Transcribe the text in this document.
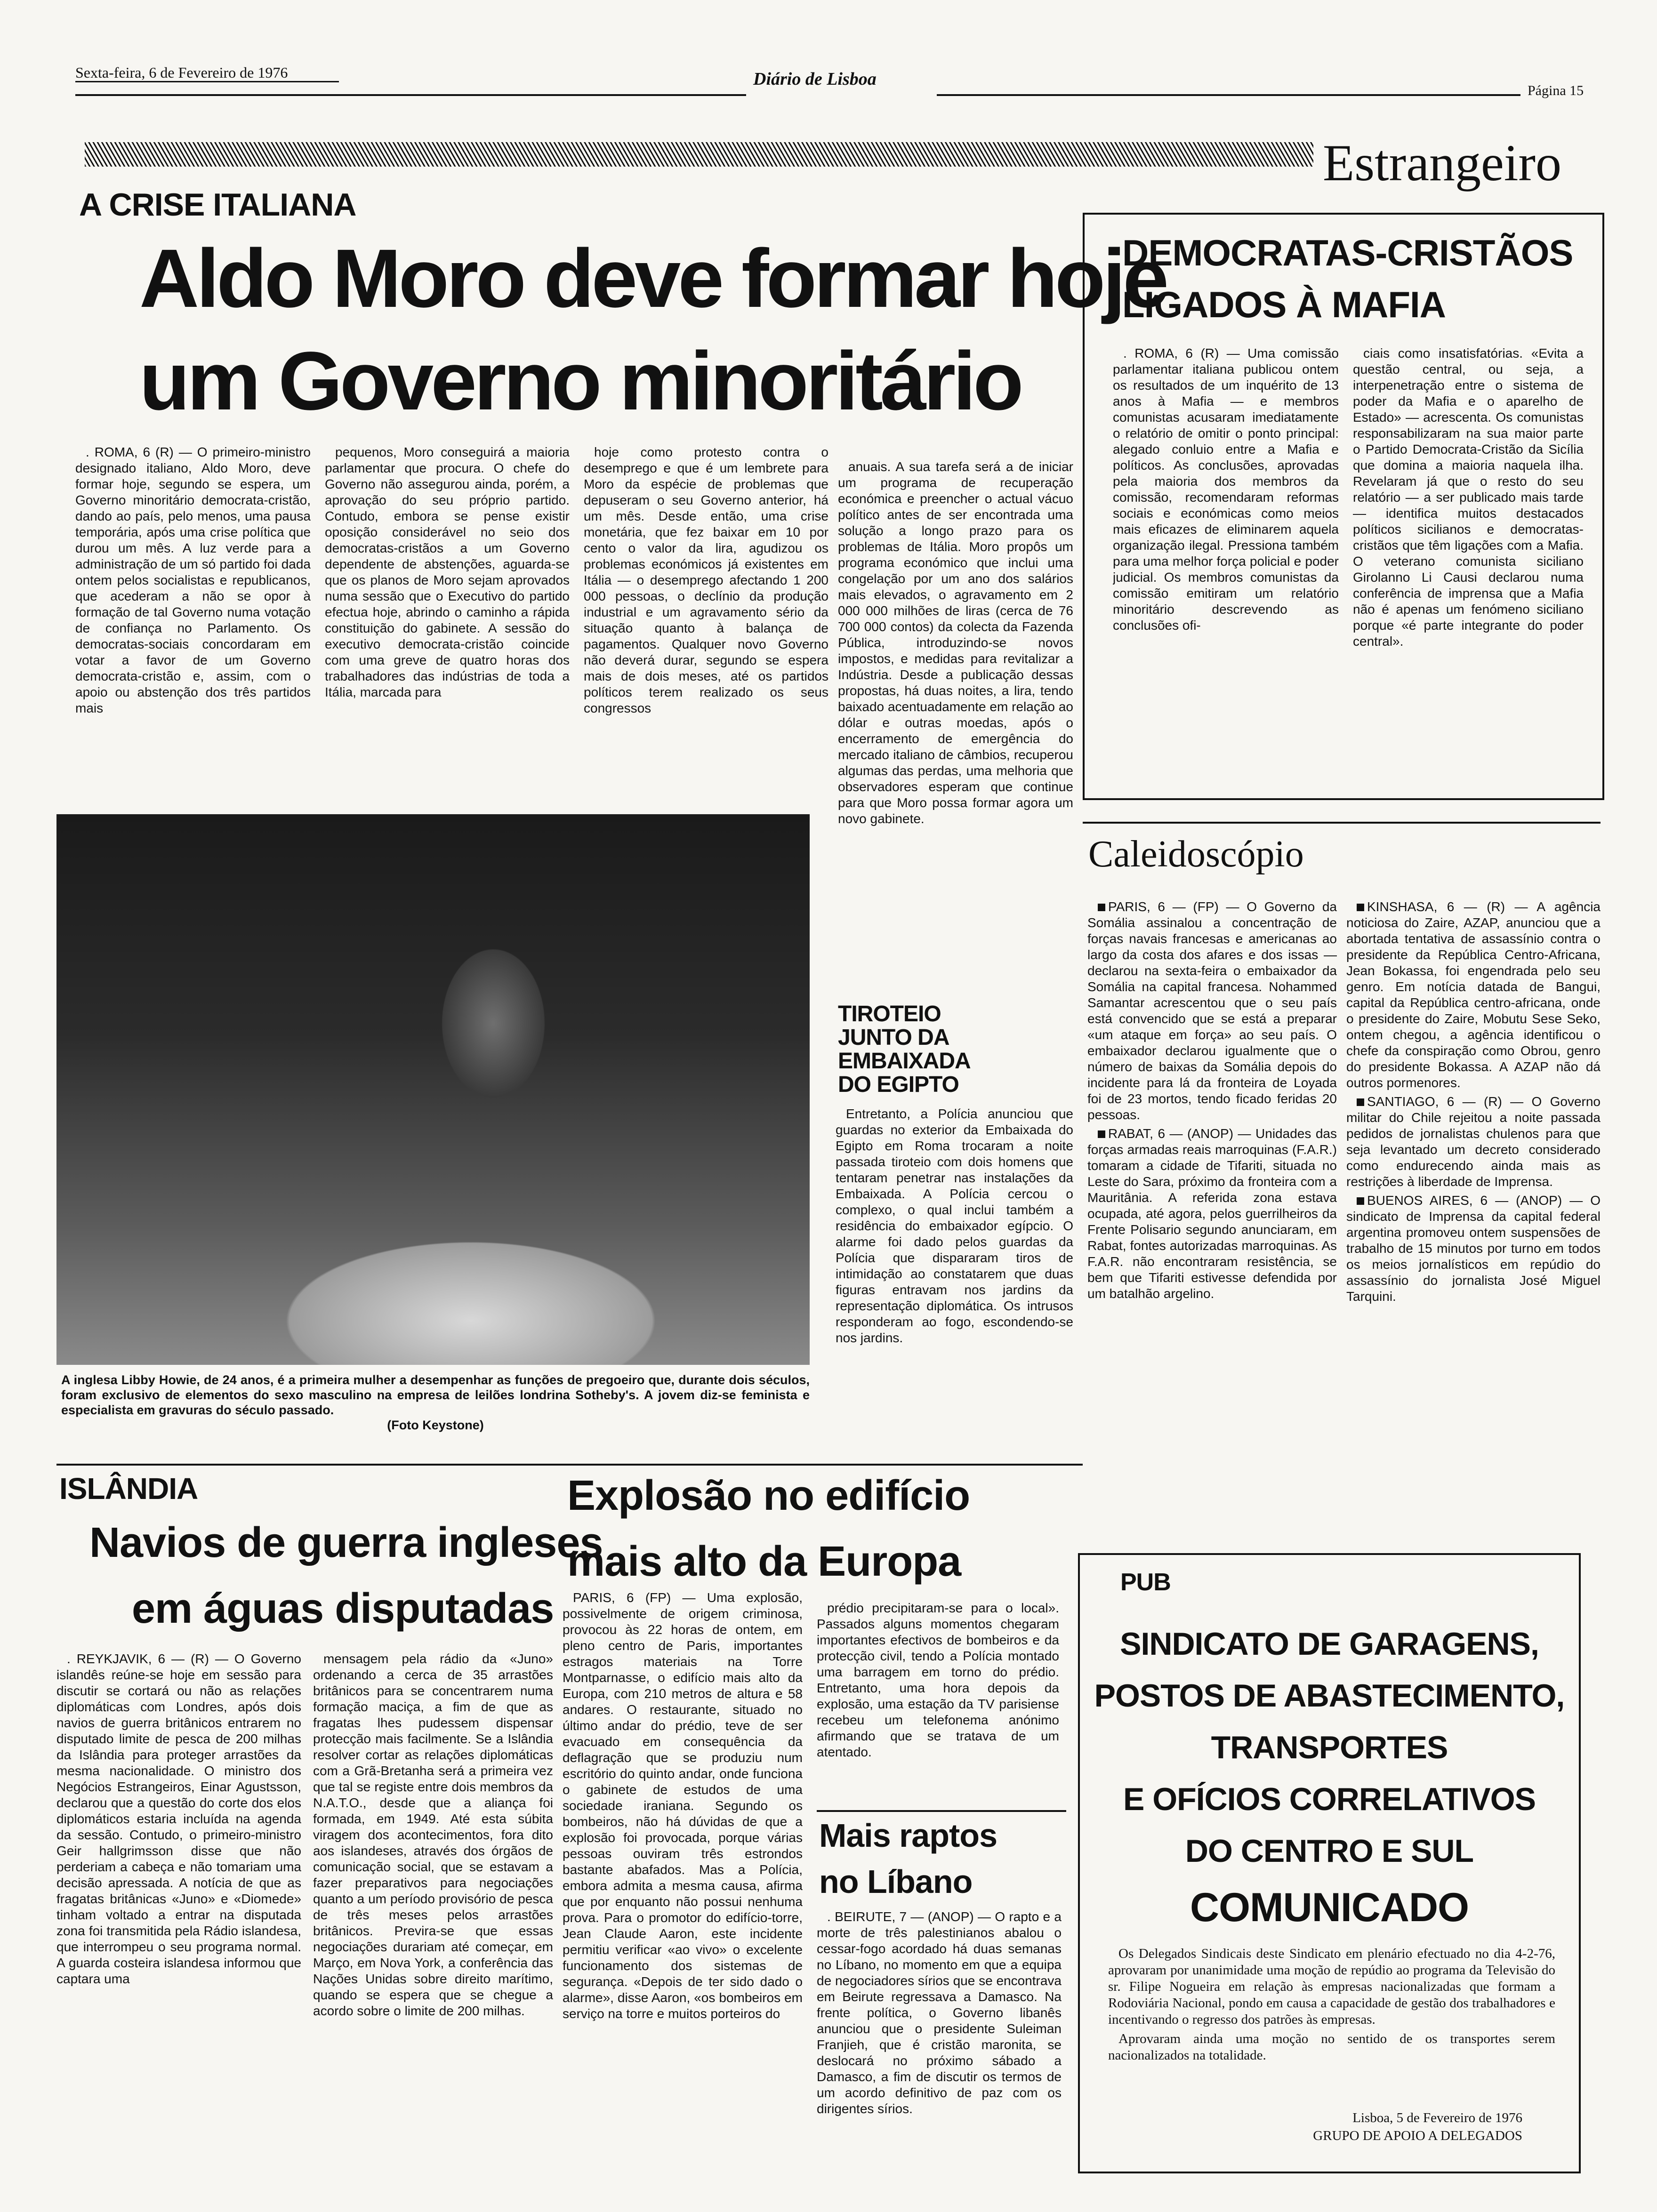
Sexta-feira, 6 de Fevereiro de 1976	Diário de Lisboa
Página 15
Estrangeiro
A CRISE ITALIANA
Aldo Moro deve formar hoje
um Governo minoritário

. ROMA, 6 (R) — O primeiro-ministro designado italiano, Aldo Moro, deve formar hoje, segundo se espera, um Governo minoritário democrata-cristão, dando ao país, pelo menos, uma pausa temporária, após uma crise política que durou um mês. A luz verde para a administração de um só partido foi dada ontem pelos socialistas e republicanos, que acederam a não se opor à formação de tal Governo numa votação de confiança no Parlamento. Os democratas-sociais concordaram em votar a favor de um Governo democrata-cristão e, assim, com o apoio ou abstenção dos três partidos mais

pequenos, Moro conseguirá a maioria parlamentar que procura. O chefe do Governo não assegurou ainda, porém, a aprovação do seu próprio partido. Contudo, embora se pense existir oposição considerável no seio dos democratas-cristãos a um Governo dependente de abstenções, aguarda-se que os planos de Moro sejam aprovados numa sessão que o Executivo do partido efectua hoje, abrindo o caminho a rápida constituição do gabinete. A sessão do executivo democrata-cristão coincide com uma greve de quatro horas dos trabalhadores das indústrias de toda a Itália, marcada para

hoje como protesto contra o desemprego e que é um lembrete para Moro da espécie de problemas que depuseram o seu Governo anterior, há um mês. Desde então, uma crise monetária, que fez baixar em 10 por cento o valor da lira, agudizou os problemas económicos já existentes em Itália — o desemprego afectando 1 200 000 pessoas, o declínio da produção industrial e um agravamento sério da situação quanto à balança de pagamentos. Qualquer novo Governo não deverá durar, segundo se espera mais de dois meses, até os partidos políticos terem realizado os seus congressos

anuais. A sua tarefa será a de iniciar um programa de recuperação económica e preencher o actual vácuo político antes de ser encontrada uma solução a longo prazo para os problemas de Itália. Moro propôs um programa económico que inclui uma congelação por um ano dos salários mais elevados, o agravamento em 2 000 000 milhões de liras (cerca de 76 700 000 contos) da colecta da Fazenda Pública, introduzindo-se novos impostos, e medidas para revitalizar a Indústria. Desde a publicação dessas propostas, há duas noites, a lira, tendo baixado acentuadamente em relação ao dólar e outras moedas, após o encerramento de emergência do mercado italiano de câmbios, recuperou algumas das perdas, uma melhoria que observadores esperam que continue para que Moro possa formar agora um novo gabinete.

A inglesa Libby Howie, de 24 anos, é a primeira mulher a desempenhar as funções de pregoeiro que, durante dois séculos, foram exclusivo de elementos do sexo masculino na empresa de leilões londrina Sotheby's. A jovem diz-se feminista e especialista em gravuras do século passado.
(Foto Keystone)
TIROTEIO JUNTO DA EMBAIXADA DO EGIPTO

Entretanto, a Polícia anunciou que guardas no exterior da Embaixada do Egipto em Roma trocaram a noite passada tiroteio com dois homens que tentaram penetrar nas instalações da Embaixada. A Polícia cercou o complexo, o qual inclui também a residência do embaixador egípcio. O alarme foi dado pelos guardas da Polícia que dispararam tiros de intimidação ao constatarem que duas figuras entravam nos jardins da representação diplomática. Os intrusos responderam ao fogo, escondendo-se nos jardins.

DEMOCRATAS-CRISTÃOS
LIGADOS À MAFIA

. ROMA, 6 (R) — Uma comissão parlamentar italiana publicou ontem os resultados de um inquérito de 13 anos à Mafia — e membros comunistas acusaram imediatamente o relatório de omitir o ponto principal: alegado conluio entre a Mafia e políticos. As conclusões, aprovadas pela maioria dos membros da comissão, recomendaram reformas sociais e económicas como meios mais eficazes de eliminarem aquela organização ilegal. Pressiona também para uma melhor força policial e poder judicial. Os membros comunistas da comissão emitiram um relatório minoritário descrevendo as conclusões ofi-

ciais como insatisfatórias. «Evita a questão central, ou seja, a interpenetração entre o sistema de poder da Mafia e o aparelho de Estado» — acrescenta. Os comunistas responsabilizaram na sua maior parte o Partido Democrata-Cristão da Sicília que domina a maioria naquela ilha. Revelaram já que o resto do seu relatório — a ser publicado mais tarde — identifica muitos destacados políticos sicilianos e democratas-cristãos que têm ligações com a Mafia. O veterano comunista siciliano Girolanno Li Causi declarou numa conferência de imprensa que a Mafia não é apenas um fenómeno siciliano porque «é parte integrante do poder central».

Caleidoscópio

PARIS, 6 — (FP) — O Governo da Somália assinalou a concentração de forças navais francesas e americanas ao largo da costa dos afares e dos issas — declarou na sexta-feira o embaixador da Somália na capital francesa. Nohammed Samantar acrescentou que o seu país está convencido que se está a preparar «um ataque em força» ao seu país. O embaixador declarou igualmente que o número de baixas da Somália depois do incidente para lá da fronteira de Loyada foi de 23 mortos, tendo ficado feridas 20 pessoas.

RABAT, 6 — (ANOP) — Unidades das forças armadas reais marroquinas (F.A.R.) tomaram a cidade de Tifariti, situada no Leste do Sara, próximo da fronteira com a Mauritânia. A referida zona estava ocupada, até agora, pelos guerrilheiros da Frente Polisario segundo anunciaram, em Rabat, fontes autorizadas marroquinas. As F.A.R. não encontraram resistência, se bem que Tifariti estivesse defendida por um batalhão argelino.

KINSHASA, 6 — (R) — A agência noticiosa do Zaire, AZAP, anunciou que a abortada tentativa de assassínio contra o presidente da República Centro-Africana, Jean Bokassa, foi engendrada pelo seu genro. Em notícia datada de Bangui, capital da República centro-africana, onde o presidente do Zaire, Mobutu Sese Seko, ontem chegou, a agência identificou o chefe da conspiração como Obrou, genro do presidente Bokassa. A AZAP não dá outros pormenores.

SANTIAGO, 6 — (R) — O Governo militar do Chile rejeitou a noite passada pedidos de jornalistas chulenos para que seja levantado um decreto considerado como endurecendo ainda mais as restrições à liberdade de Imprensa.

BUENOS AIRES, 6 — (ANOP) — O sindicato de Imprensa da capital federal argentina promoveu ontem suspensões de trabalho de 15 minutos por turno em todos os meios jornalísticos em repúdio do assassínio do jornalista José Miguel Tarquini.

ISLÂNDIA
Navios de guerra ingleses
em águas disputadas

. REYKJAVIK, 6 — (R) — O Governo islandês reúne-se hoje em sessão para discutir se cortará ou não as relações diplomáticas com Londres, após dois navios de guerra britânicos entrarem no disputado limite de pesca de 200 milhas da Islândia para proteger arrastões da mesma nacionalidade. O ministro dos Negócios Estrangeiros, Einar Agustsson, declarou que a questão do corte dos elos diplomáticos estaria incluída na agenda da sessão. Contudo, o primeiro-ministro Geir hallgrimsson disse que não perderiam a cabeça e não tomariam uma decisão apressada. A notícia de que as fragatas britânicas «Juno» e «Diomede» tinham voltado a entrar na disputada zona foi transmitida pela Rádio islandesa, que interrompeu o seu programa normal. A guarda costeira islandesa informou que captara uma

mensagem pela rádio da «Juno» ordenando a cerca de 35 arrastões britânicos para se concentrarem numa formação maciça, a fim de que as fragatas lhes pudessem dispensar protecção mais facilmente. Se a Islândia resolver cortar as relações diplomáticas com a Grã-Bretanha será a primeira vez que tal se registe entre dois membros da N.A.T.O., desde que a aliança foi formada, em 1949. Até esta súbita viragem dos acontecimentos, fora dito aos islandeses, através dos órgãos de comunicação social, que se estavam a fazer preparativos para negociações quanto a um período provisório de pesca de três meses pelos arrastões britânicos. Previra-se que essas negociações durariam até começar, em Março, em Nova York, a conferência das Nações Unidas sobre direito marítimo, quando se espera que se chegue a acordo sobre o limite de 200 milhas.

Explosão no edifício
mais alto da Europa

PARIS, 6 (FP) — Uma explosão, possivelmente de origem criminosa, provocou às 22 horas de ontem, em pleno centro de Paris, importantes estragos materiais na Torre Montparnasse, o edifício mais alto da Europa, com 210 metros de altura e 58 andares. O restaurante, situado no último andar do prédio, teve de ser evacuado em consequência da deflagração que se produziu num escritório do quinto andar, onde funciona o gabinete de estudos de uma sociedade iraniana. Segundo os bombeiros, não há dúvidas de que a explosão foi provocada, porque várias pessoas ouviram três estrondos bastante abafados. Mas a Polícia, embora admita a mesma causa, afirma que por enquanto não possui nenhuma prova. Para o promotor do edifício-torre, Jean Claude Aaron, este incidente permitiu verificar «ao vivo» o excelente funcionamento dos sistemas de segurança. «Depois de ter sido dado o alarme», disse Aaron, «os bombeiros em serviço na torre e muitos porteiros do

prédio precipitaram-se para o local». Passados alguns momentos chegaram importantes efectivos de bombeiros e da protecção civil, tendo a Polícia montado uma barragem em torno do prédio. Entretanto, uma hora depois da explosão, uma estação da TV parisiense recebeu um telefonema anónimo afirmando que se tratava de um atentado.

Mais raptos
no Líbano

. BEIRUTE, 7 — (ANOP) — O rapto e a morte de três palestinianos abalou o cessar-fogo acordado há duas semanas no Líbano, no momento em que a equipa de negociadores sírios que se encontrava em Beirute regressava a Damasco. Na frente política, o Governo libanês anunciou que o presidente Suleiman Franjieh, que é cristão maronita, se deslocará no próximo sábado a Damasco, a fim de discutir os termos de um acordo definitivo de paz com os dirigentes sírios.

PUB
SINDICATO DE GARAGENS,
POSTOS DE ABASTECIMENTO,
TRANSPORTES
E OFÍCIOS CORRELATIVOS
DO CENTRO E SUL
COMUNICADO

Os Delegados Sindicais deste Sindicato em plenário efectuado no dia 4-2-76, aprovaram por unanimidade uma moção de repúdio ao programa da Televisão do sr. Filipe Nogueira em relação às empresas nacionalizadas que formam a Rodoviária Nacional, pondo em causa a capacidade de gestão dos trabalhadores e incentivando o regresso dos patrões às empresas.

Aprovaram ainda uma moção no sentido de os transportes serem nacionalizados na totalidade.

Lisboa, 5 de Fevereiro de 1976
GRUPO DE APOIO A DELEGADOS
